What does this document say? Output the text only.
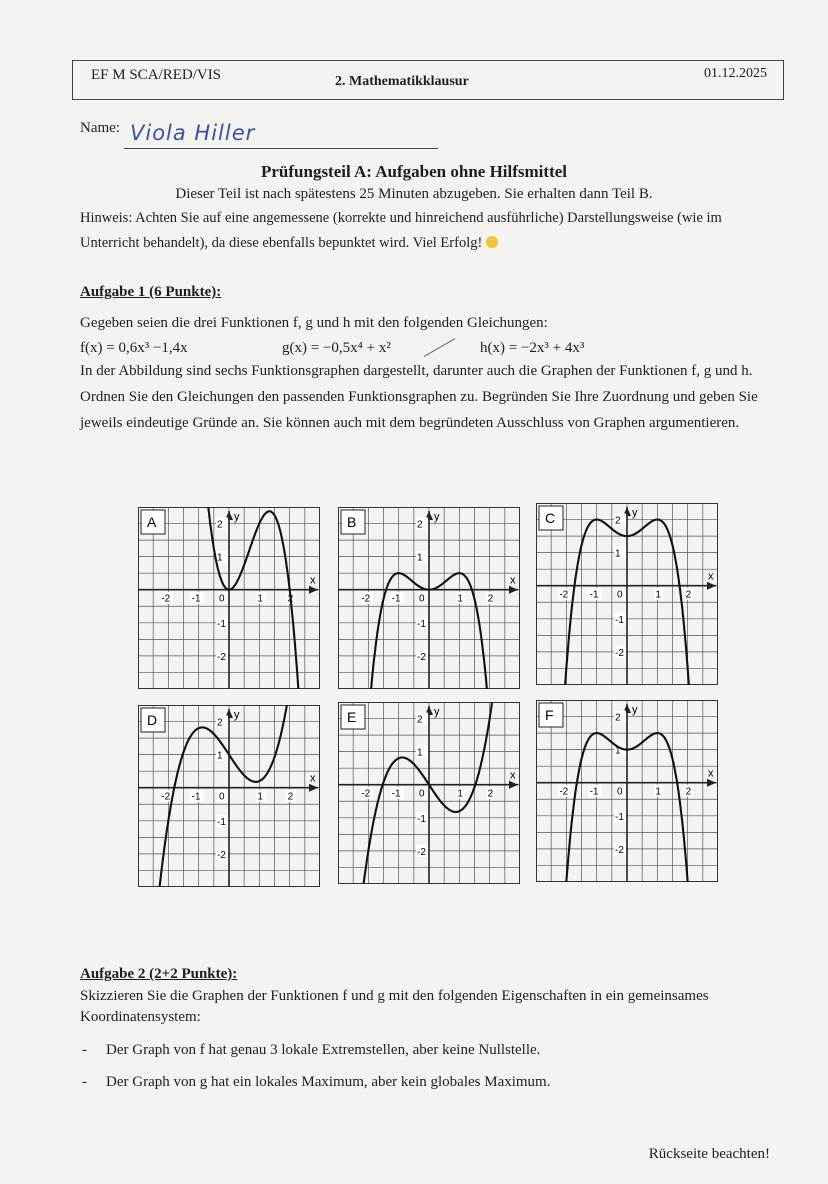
EF M SCA/RED/VIS	2. Mathematikklausur
01.12.2025
Name: Viola Hiller
Prüfungsteil A: Aufgaben ohne Hilfsmittel
Dieser Teil ist nach spätestens 25 Minuten abzugeben. Sie erhalten dann Teil B.
Hinweis: Achten Sie auf eine angemessene (korrekte und hinreichend ausführliche) Darstellungsweise (wie im Unterricht behandelt), da diese ebenfalls bepunktet wird. Viel Erfolg!
Aufgabe 1 (6 Punkte):
Gegeben seien die drei Funktionen f, g und h mit den folgenden Gleichungen:
f(x) = 0,6x³ −1,4x	g(x) = −0,5x⁴ + x²	h(x) = −2x³ + 4x³
In der Abbildung sind sechs Funktionsgraphen dargestellt, darunter auch die Graphen der Funktionen f, g und h. Ordnen Sie den Gleichungen den passenden Funktionsgraphen zu. Begründen Sie Ihre Zuordnung und geben Sie jeweils eindeutige Gründe an. Sie können auch mit dem begründeten Ausschluss von Graphen argumentieren.
x
y
-2 -1 0	1 2
2
1
-1
-2
A
x
y
-2 -1 0	1 2
2
1
-1
-2
B
x
y
-2 -1 0	1 2
2
1
-1
-2
C
x
y
-2 -1 0	1 2
2
1
-1
-2
D
x
y
-2 -1 0	1 2
2
1
-1
-2
E
x
y
-2 -1 0	1 2
2
1
-1
-2
F
Aufgabe 2 (2+2 Punkte):
Skizzieren Sie die Graphen der Funktionen f und g mit den folgenden Eigenschaften in ein gemeinsames Koordinatensystem:
- Der Graph von f hat genau 3 lokale Extremstellen, aber keine Nullstelle.
- Der Graph von g hat ein lokales Maximum, aber kein globales Maximum.
Rückseite beachten!
